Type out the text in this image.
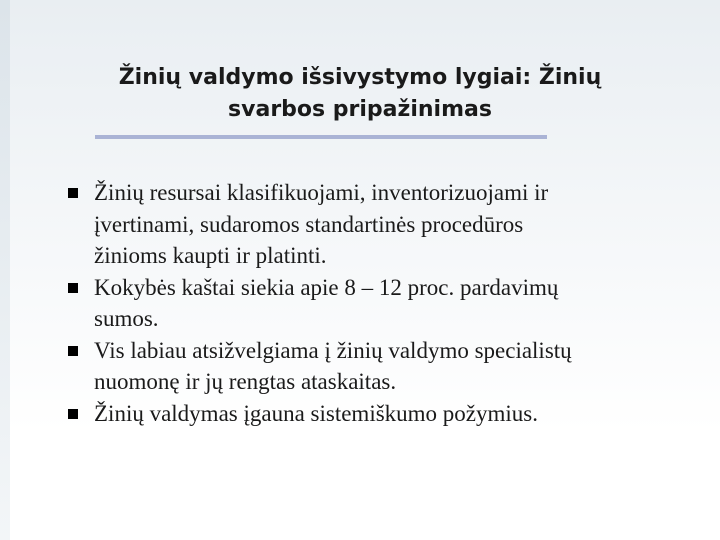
Žinių valdymo išsivystymo lygiai: Žinių
svarbos pripažinimas
Žinių resursai klasifikuojami, inventorizuojami ir
įvertinami, sudaromos standartinės procedūros
žinioms kaupti ir platinti.
Kokybės kaštai siekia apie 8 – 12 proc. pardavimų
sumos.
Vis labiau atsižvelgiama į žinių valdymo specialistų
nuomonę ir jų rengtas ataskaitas.
Žinių valdymas įgauna sistemiškumo požymius.
